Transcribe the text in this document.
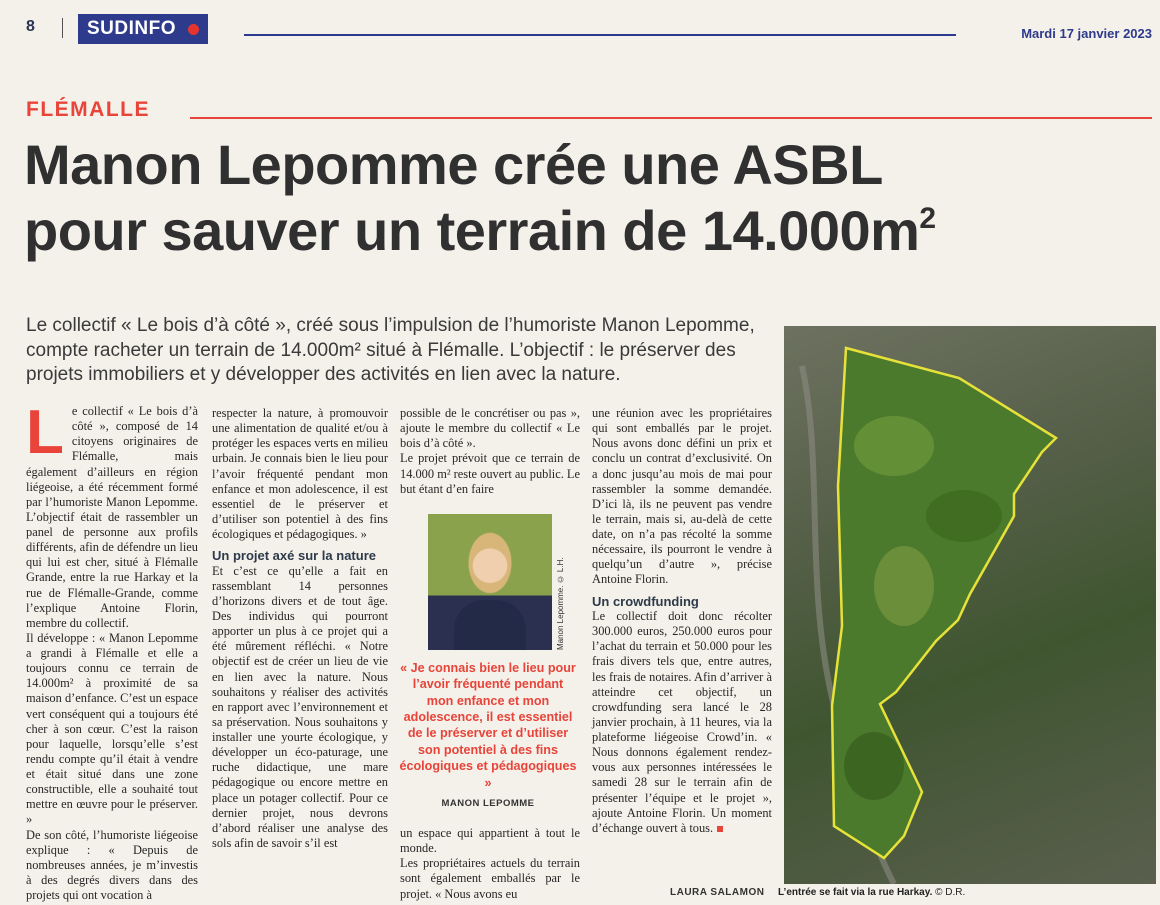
8	SUDINFO	Mardi 17 janvier 2023
FLÉMALLE
Manon Lepomme crée une ASBL
pour sauver un terrain de $14.000m^2$

Le collectif « Le bois d’à côté », créé sous l’impulsion de l’humoriste Manon Lepomme, compte racheter un terrain de 14.000m² situé à Flémalle. L’objectif : le préserver des projets immobiliers et y développer des activités en lien avec la nature.

L e collectif « Le bois d’à côté », composé de 14 citoyens originaires de Flémalle, mais également d’ailleurs en région liégeoise, a été récemment formé par l’humoriste Manon Lepomme. L’objectif était de rassembler un panel de personne aux profils différents, afin de défendre un lieu qui lui est cher, situé à Flémalle Grande, entre la rue Harkay et la rue de Flémalle-Grande, comme l’explique Antoine Florin, membre du collectif.

Il développe : « Manon Lepomme a grandi à Flémalle et elle a toujours connu ce terrain de 14.000m² à proximité de sa maison d’enfance. C’est un espace vert conséquent qui a toujours été cher à son cœur. C’est la raison pour laquelle, lorsqu’elle s’est rendu compte qu’il était à vendre et était situé dans une zone constructible, elle a souhaité tout mettre en œuvre pour le préserver. »

De son côté, l’humoriste liégeoise explique : « Depuis de nombreuses années, je m’investis à des degrés divers dans des projets qui ont vocation à

respecter la nature, à promouvoir une alimentation de qualité et/ou à protéger les espaces verts en milieu urbain. Je connais bien le lieu pour l’avoir fréquenté pendant mon enfance et mon adolescence, il est essentiel de le préserver et d’utiliser son potentiel à des fins écologiques et pédagogiques. »

Un projet axé sur la nature

Et c’est ce qu’elle a fait en rassemblant 14 personnes d’horizons divers et de tout âge. Des individus qui pourront apporter un plus à ce projet qui a été mûrement réfléchi. « Notre objectif est de créer un lieu de vie en lien avec la nature. Nous souhaitons y réaliser des activités en rapport avec l’environnement et sa préservation. Nous souhaitons y installer une yourte écologique, y développer un éco-paturage, une ruche didactique, une mare pédagogique ou encore mettre en place un potager collectif. Pour ce dernier projet, nous devrons d’abord réaliser une analyse des sols afin de savoir s’il est

possible de le concrétiser ou pas », ajoute le membre du collectif « Le bois d’à côté ».

Le projet prévoit que ce terrain de 14.000 m² reste ouvert au public. Le but étant d’en faire

Manon Lepomme. © L.H.
« Je connais bien le lieu pour l’avoir fréquenté pendant mon enfance et mon adolescence, il est essentiel de le préserver et d’utiliser son potentiel à des fins écologiques et pédagogiques »
MANON LEPOMME

un espace qui appartient à tout le monde.

Les propriétaires actuels du terrain sont également emballés par le projet. « Nous avons eu

une réunion avec les propriétaires qui sont emballés par le projet. Nous avons donc défini un prix et conclu un contrat d’exclusivité. On a donc jusqu’au mois de mai pour rassembler la somme demandée. D’ici là, ils ne peuvent pas vendre le terrain, mais si, au-delà de cette date, on n’a pas récolté la somme nécessaire, ils pourront le vendre à quelqu’un d’autre », précise Antoine Florin.

Un crowdfunding

Le collectif doit donc récolter 300.000 euros, 250.000 euros pour l’achat du terrain et 50.000 pour les frais divers tels que, entre autres, les frais de notaires. Afin d’arriver à atteindre cet objectif, un crowdfunding sera lancé le 28 janvier prochain, à 11 heures, via la plateforme liégeoise Crowd’in. « Nous donnons également rendez-vous aux personnes intéressées le samedi 28 sur le terrain afin de présenter l’équipe et le projet », ajoute Antoine Florin. Un moment d’échange ouvert à tous.

LAURA SALAMON L’entrée se fait via la rue Harkay. © D.R.
